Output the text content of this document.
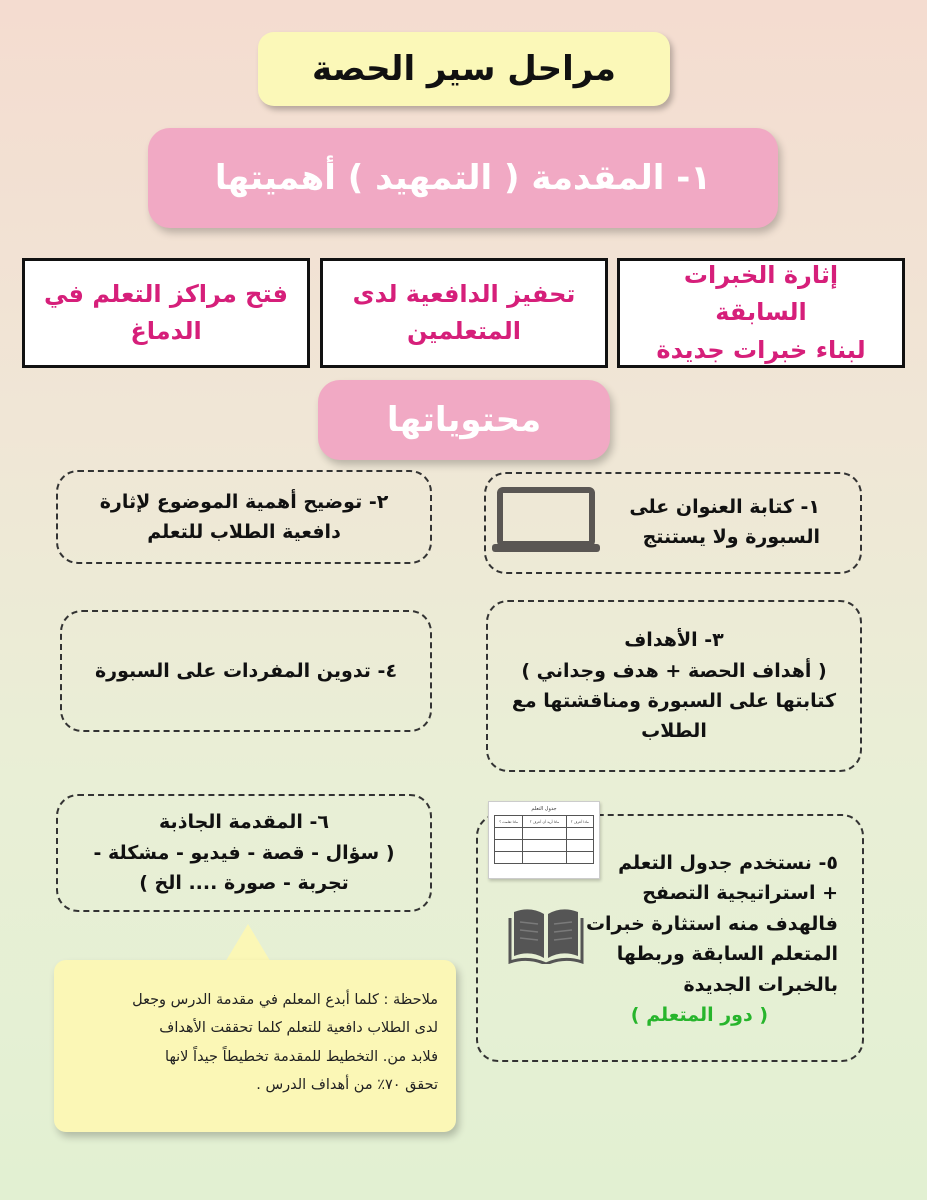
مراحل سير الحصة
١- المقدمة ( التمهيد ) أهميتها
إثارة الخبرات السابقة
لبناء خبرات جديدة
تحفيز الدافعية لدى
المتعلمين
فتح مراكز التعلم في
الدماغ
محتوياتها
١- كتابة العنوان على
السبورة ولا يستنتج
٢- توضيح أهمية الموضوع لإثارة
دافعية الطلاب للتعلم
٣- الأهداف
( أهداف الحصة + هدف وجداني )
كتابتها على السبورة ومناقشتها مع
الطلاب
٤- تدوين المفردات على السبورة
٦- المقدمة الجاذبة
( سؤال - قصة - فيديو - مشكلة -
تجربة - صورة .... الخ )
٥- نستخدم جدول التعلم
+ استراتيجية التصفح
فالهدف منه استثارة خبرات
المتعلم السابقة وربطها
بالخبرات الجديدة
( دور المتعلم )
جدول التعلم
ماذا أعرف ؟	ماذا أريد أن أعرف ؟	ماذا تعلمت ؟

ملاحظة : كلما أبدع المعلم في مقدمة الدرس وجعل
لدى الطلاب دافعية للتعلم كلما تحققت الأهداف
فلابد من. التخطيط للمقدمة تخطيطاً جيداً لانها
تحقق ٧٠٪ من أهداف الدرس .
